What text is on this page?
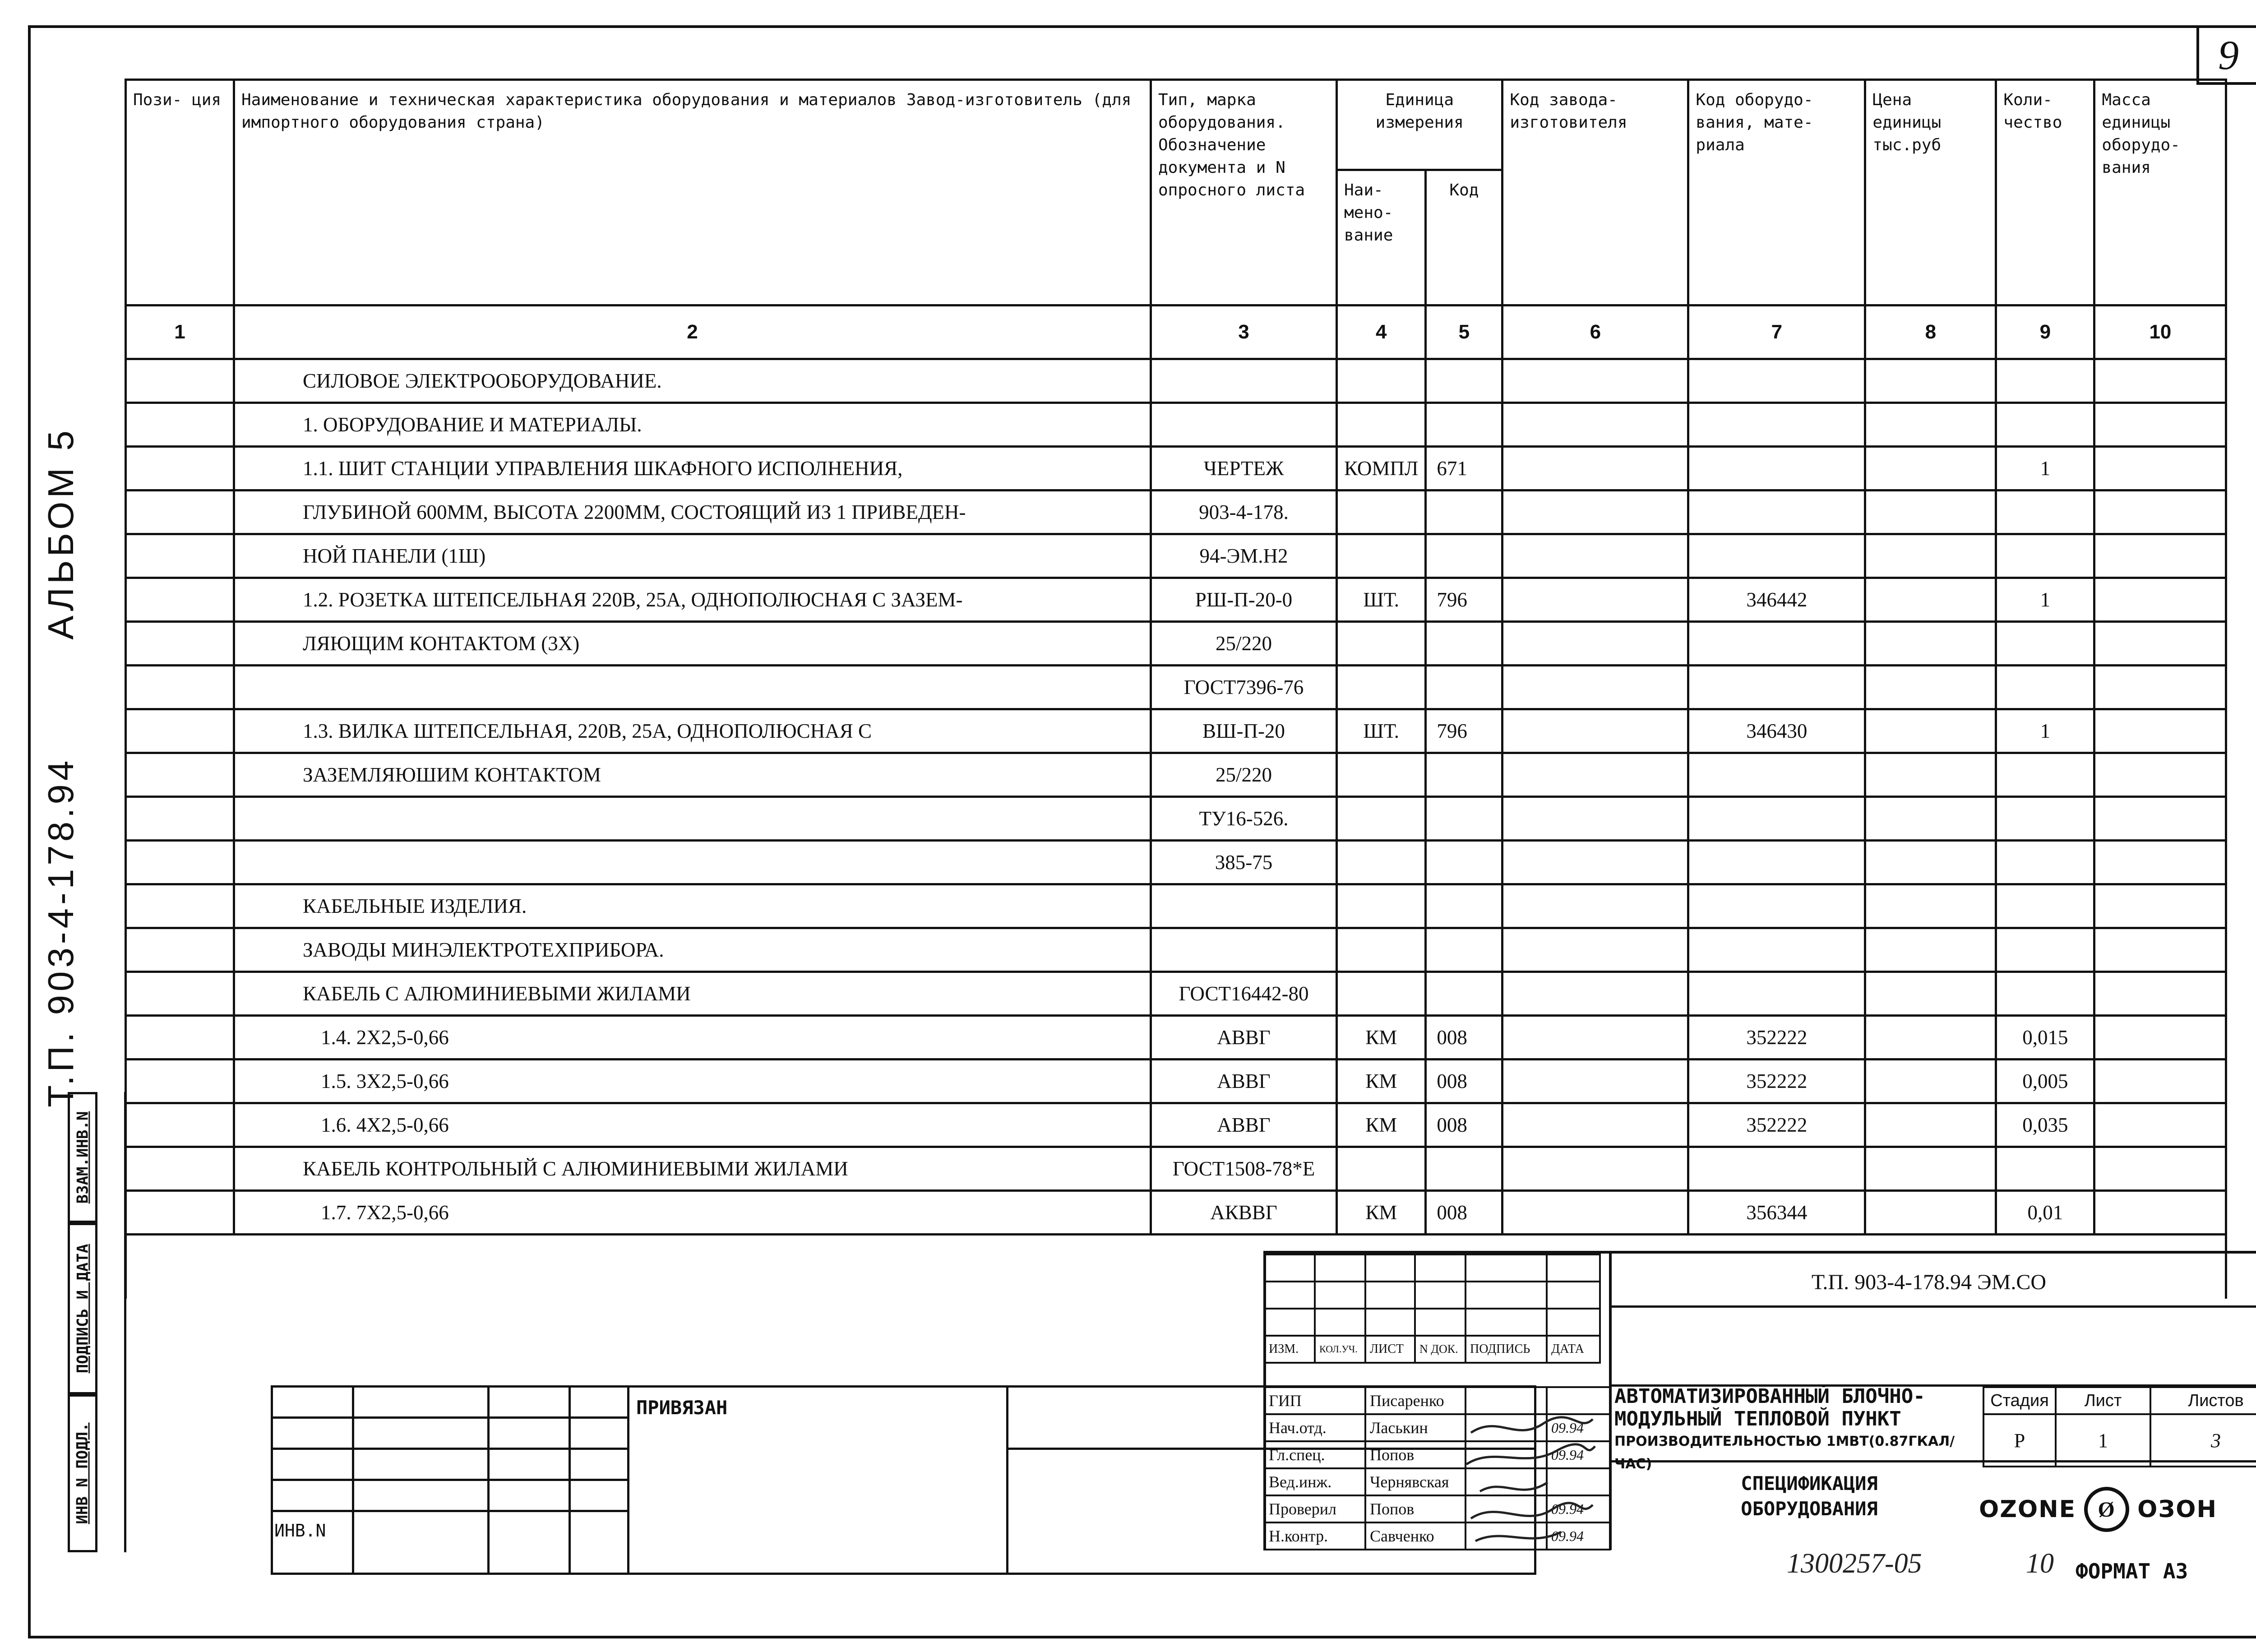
9
Т.П. 903-4-178.94
АЛЬБОМ 5
Пози- ция	Наименование и техническая характеристика оборудования и материалов Завод-изготовитель (для импортного оборудования страна)	Тип, марка оборудования. Обозначение документа и N опросного листа	Единица измерения		Код завода-изготовителя	Код оборудо-вания, мате-риала	Цена единицы тыс.руб	Коли-чество	Масса единицы оборудо-вания
			Наи- мено- вание	Код					
1	2	3	4	5	6	7	8	9	10
	СИЛОВОЕ ЭЛЕКТРООБОРУДОВАНИЕ.								
	1. ОБОРУДОВАНИЕ И МАТЕРИАЛЫ.								
	1.1. ШИТ СТАНЦИИ УПРАВЛЕНИЯ ШКАФНОГО ИСПОЛНЕНИЯ,	ЧЕРТЕЖ	КОМПЛ	671				1	
	ГЛУБИНОЙ 600ММ, ВЫСОТА 2200ММ, СОСТОЯЩИЙ ИЗ 1 ПРИВЕДЕН-	903-4-178.							
	НОЙ ПАНЕЛИ (1Ш)	94-ЭМ.Н2							
	1.2. РОЗЕТКА ШТЕПСЕЛЬНАЯ 220В, 25А, ОДНОПОЛЮСНАЯ С ЗАЗЕМ-	РШ-П-20-0	ШТ.	796		346442		1	
	ЛЯЮЩИМ КОНТАКТОМ (3Х)	25/220							
		ГОСТ7396-76							
	1.3. ВИЛКА ШТЕПСЕЛЬНАЯ, 220В, 25А, ОДНОПОЛЮСНАЯ С	ВШ-П-20	ШТ.	796		346430		1	
	ЗАЗЕМЛЯЮШИМ КОНТАКТОМ	25/220							
		ТУ16-526.							
		385-75							
	КАБЕЛЬНЫЕ ИЗДЕЛИЯ.								
	ЗАВОДЫ МИНЭЛЕКТРОТЕХПРИБОРА.								
	КАБЕЛЬ С АЛЮМИНИЕВЫМИ ЖИЛАМИ	ГОСТ16442-80							
	1.4. 2Х2,5-0,66	АВВГ	КМ	008		352222		0,015	
	1.5. 3Х2,5-0,66	АВВГ	КМ	008		352222		0,005	
	1.6. 4Х2,5-0,66	АВВГ	КМ	008		352222		0,035	
	КАБЕЛЬ КОНТРОЛЬНЫЙ С АЛЮМИНИЕВЫМИ ЖИЛАМИ	ГОСТ1508-78*Е							
	1.7. 7Х2,5-0,66	АКВВГ	КМ	008		356344		0,01	

ВЗАМ.ИНВ.N
ПОДПИСЬ И ДАТА
ИНВ N ПОДЛ.

ПРИВЯЗАН
ИНВ.N

ИЗМ.	КОЛ.УЧ.	ЛИСТ	N ДОК.	ПОДПИСЬ	ДАТА
ГИП	Писаренко		
Нач.отд.	Ласькин		09.94
Гл.спец.	Попов		09.94
Вед.инж.	Чернявская		
Проверил	Попов		09.94
Н.контр.	Савченко		09.94
Т.П. 903-4-178.94 ЭМ.СО
АВТОМАТИЗИРОВАННЫЙ БЛОЧНО-
МОДУЛЬНЫЙ ТЕПЛОВОЙ ПУНКТ
ПРОИЗВОДИТЕЛЬНОСТЬЮ 1МВТ(0.87ГКАЛ/ЧАС)
СПЕЦИФИКАЦИЯ
ОБОРУДОВАНИЯ
Стадия	Лист	Листов
Р	1	3
OZONE	Ø ОЗОН
1300257-05	10 ФОРМАТ А3
